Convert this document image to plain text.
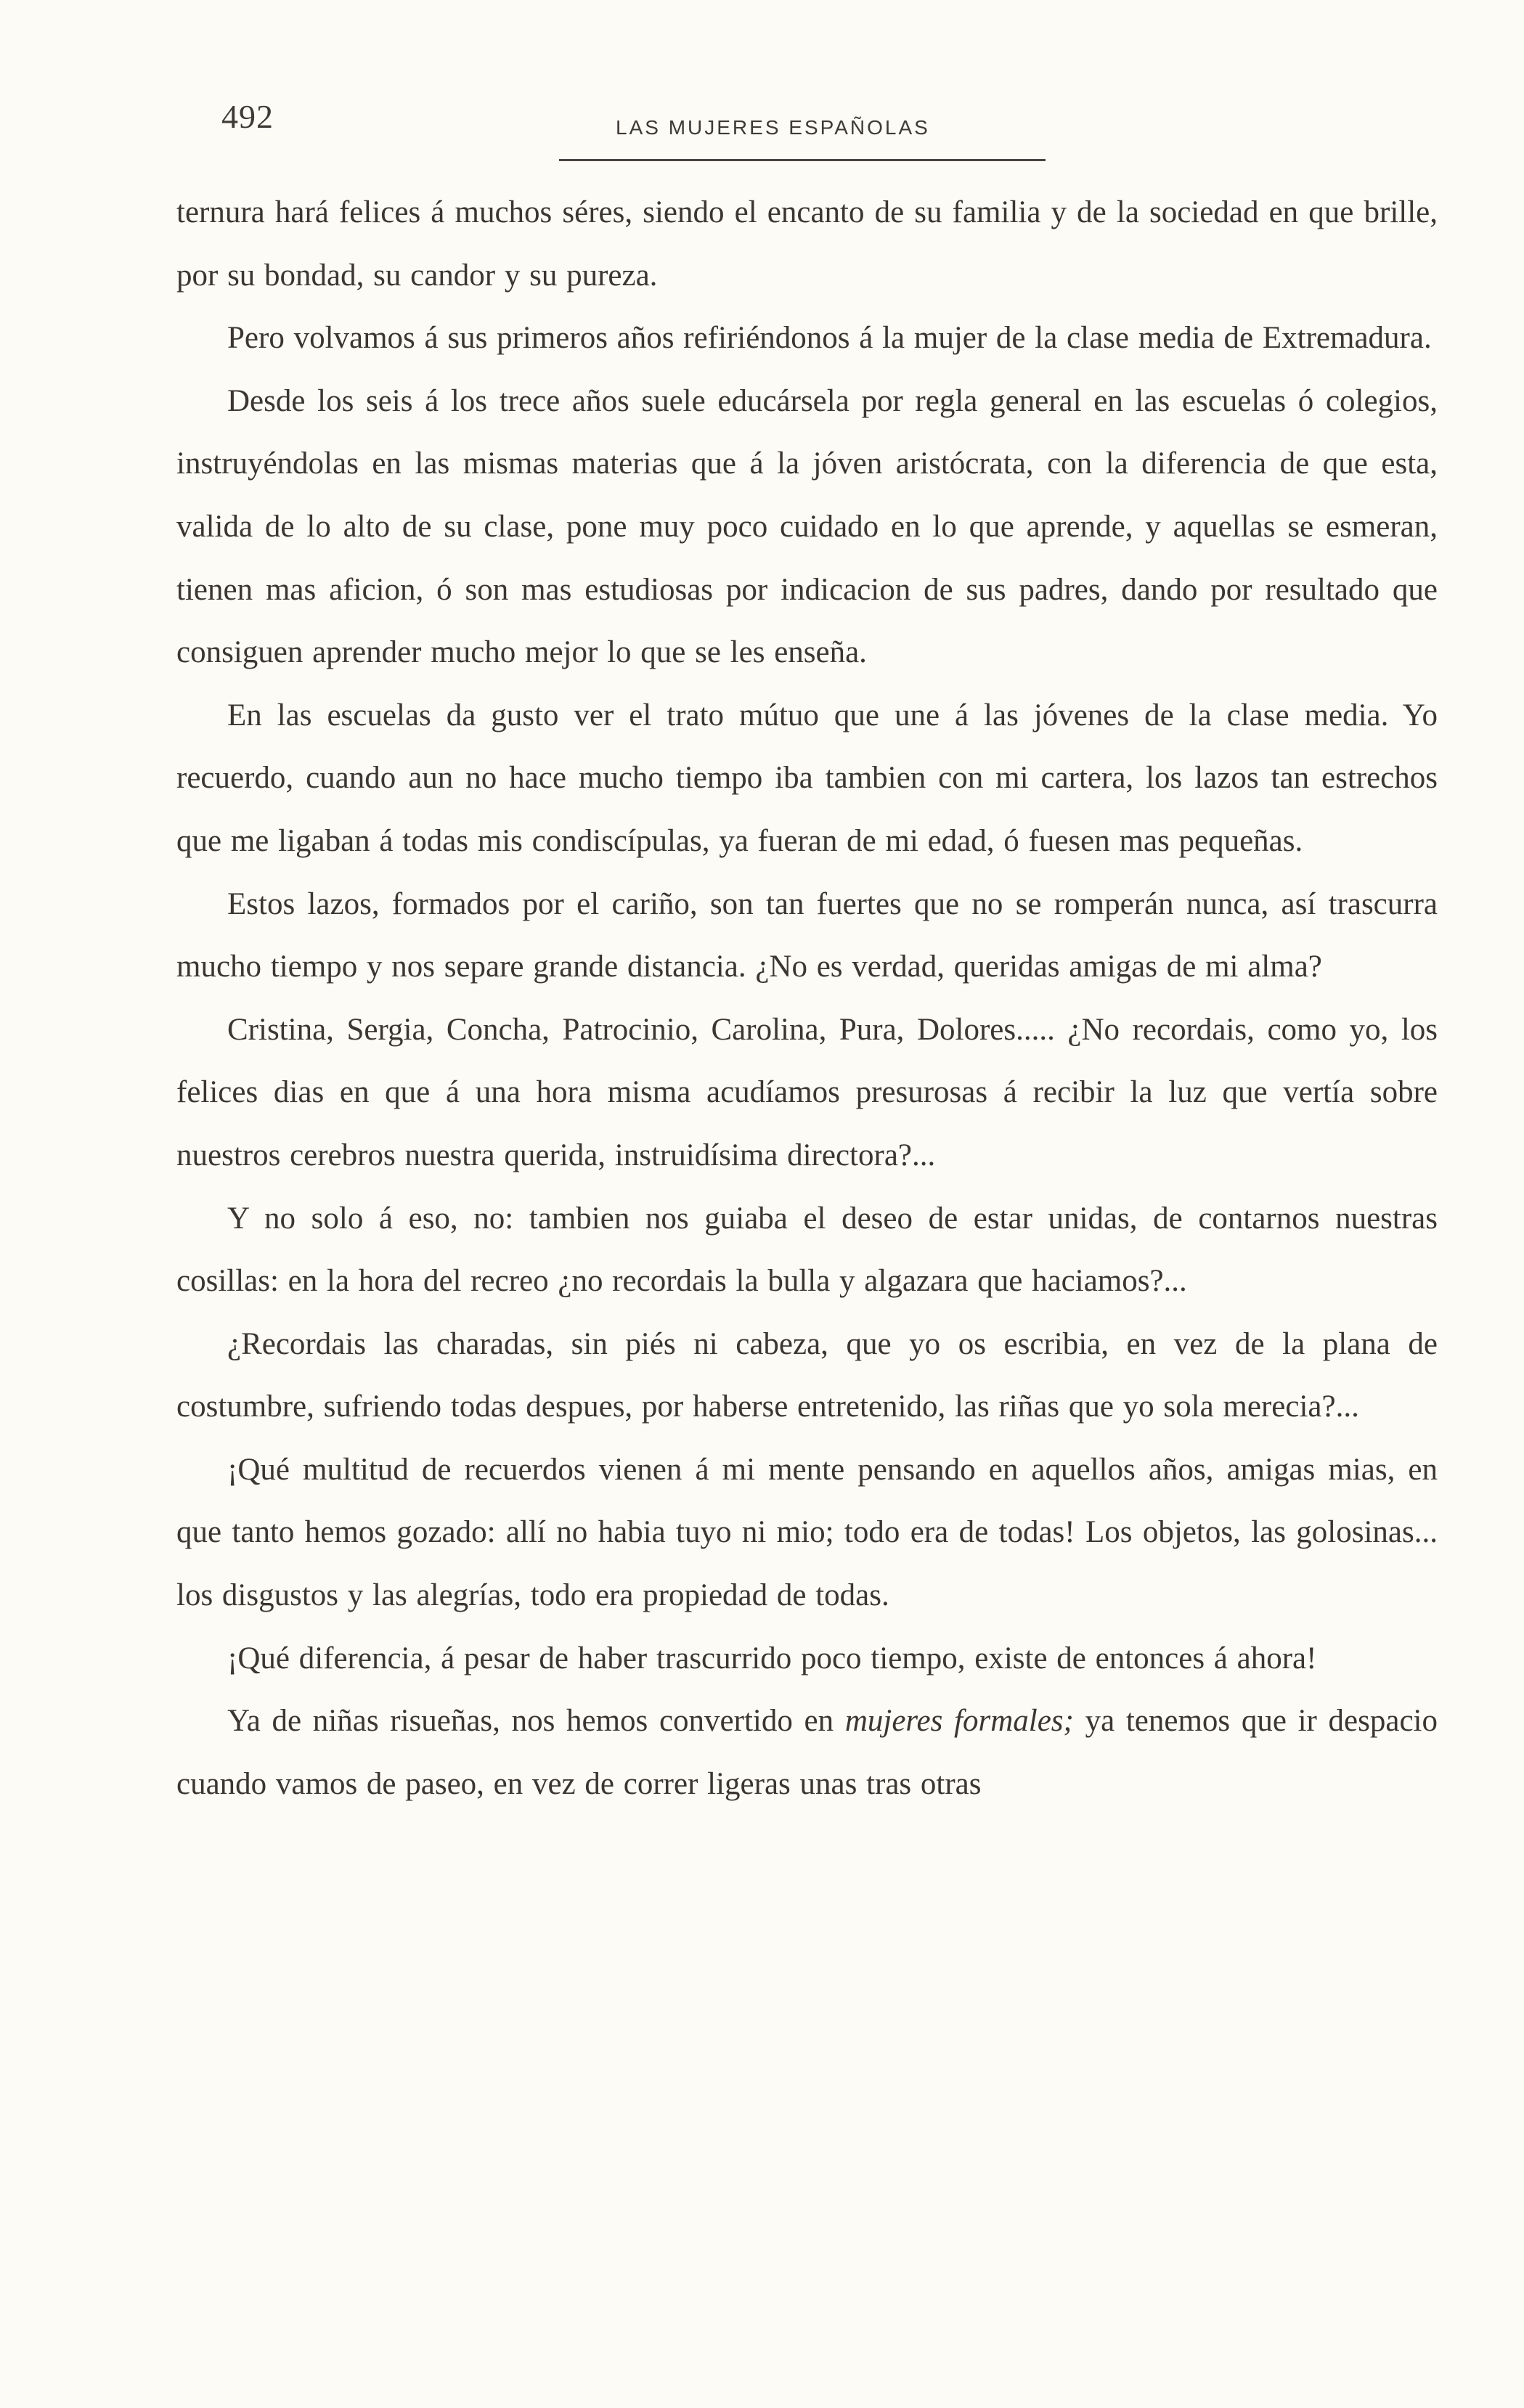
492	LAS MUJERES ESPAÑOLAS

ternura hará felices á muchos séres, siendo el encanto de su familia y de la sociedad en que brille, por su bondad, su candor y su pureza.

Pero volvamos á sus primeros años refiriéndonos á la mujer de la clase media de Extremadura.

Desde los seis á los trece años suele educársela por regla general en las escuelas ó colegios, instruyéndolas en las mismas materias que á la jóven aristócrata, con la diferencia de que esta, valida de lo alto de su clase, pone muy poco cuidado en lo que aprende, y aquellas se esmeran, tienen mas aficion, ó son mas estudiosas por indicacion de sus padres, dando por resultado que consiguen aprender mucho mejor lo que se les enseña.

En las escuelas da gusto ver el trato mútuo que une á las jóvenes de la clase media. Yo recuerdo, cuando aun no hace mucho tiempo iba tambien con mi cartera, los lazos tan estrechos que me ligaban á todas mis condiscípulas, ya fueran de mi edad, ó fuesen mas pequeñas.

Estos lazos, formados por el cariño, son tan fuertes que no se romperán nunca, así trascurra mucho tiempo y nos separe grande distancia. ¿No es verdad, queridas amigas de mi alma?

Cristina, Sergia, Concha, Patrocinio, Carolina, Pura, Dolores..... ¿No recordais, como yo, los felices dias en que á una hora misma acudíamos presurosas á recibir la luz que vertía sobre nuestros cerebros nuestra querida, instruidísima directora?...

Y no solo á eso, no: tambien nos guiaba el deseo de estar unidas, de contarnos nuestras cosillas: en la hora del recreo ¿no recordais la bulla y algazara que haciamos?...

¿Recordais las charadas, sin piés ni cabeza, que yo os escribia, en vez de la plana de costumbre, sufriendo todas despues, por haberse entretenido, las riñas que yo sola merecia?...

¡Qué multitud de recuerdos vienen á mi mente pensando en aquellos años, amigas mias, en que tanto hemos gozado: allí no habia tuyo ni mio; todo era de todas! Los objetos, las golosinas... los disgustos y las alegrías, todo era propiedad de todas.

¡Qué diferencia, á pesar de haber trascurrido poco tiempo, existe de entonces á ahora!

Ya de niñas risueñas, nos hemos convertido en mujeres formales; ya tenemos que ir despacio cuando vamos de paseo, en vez de correr ligeras unas tras otras
